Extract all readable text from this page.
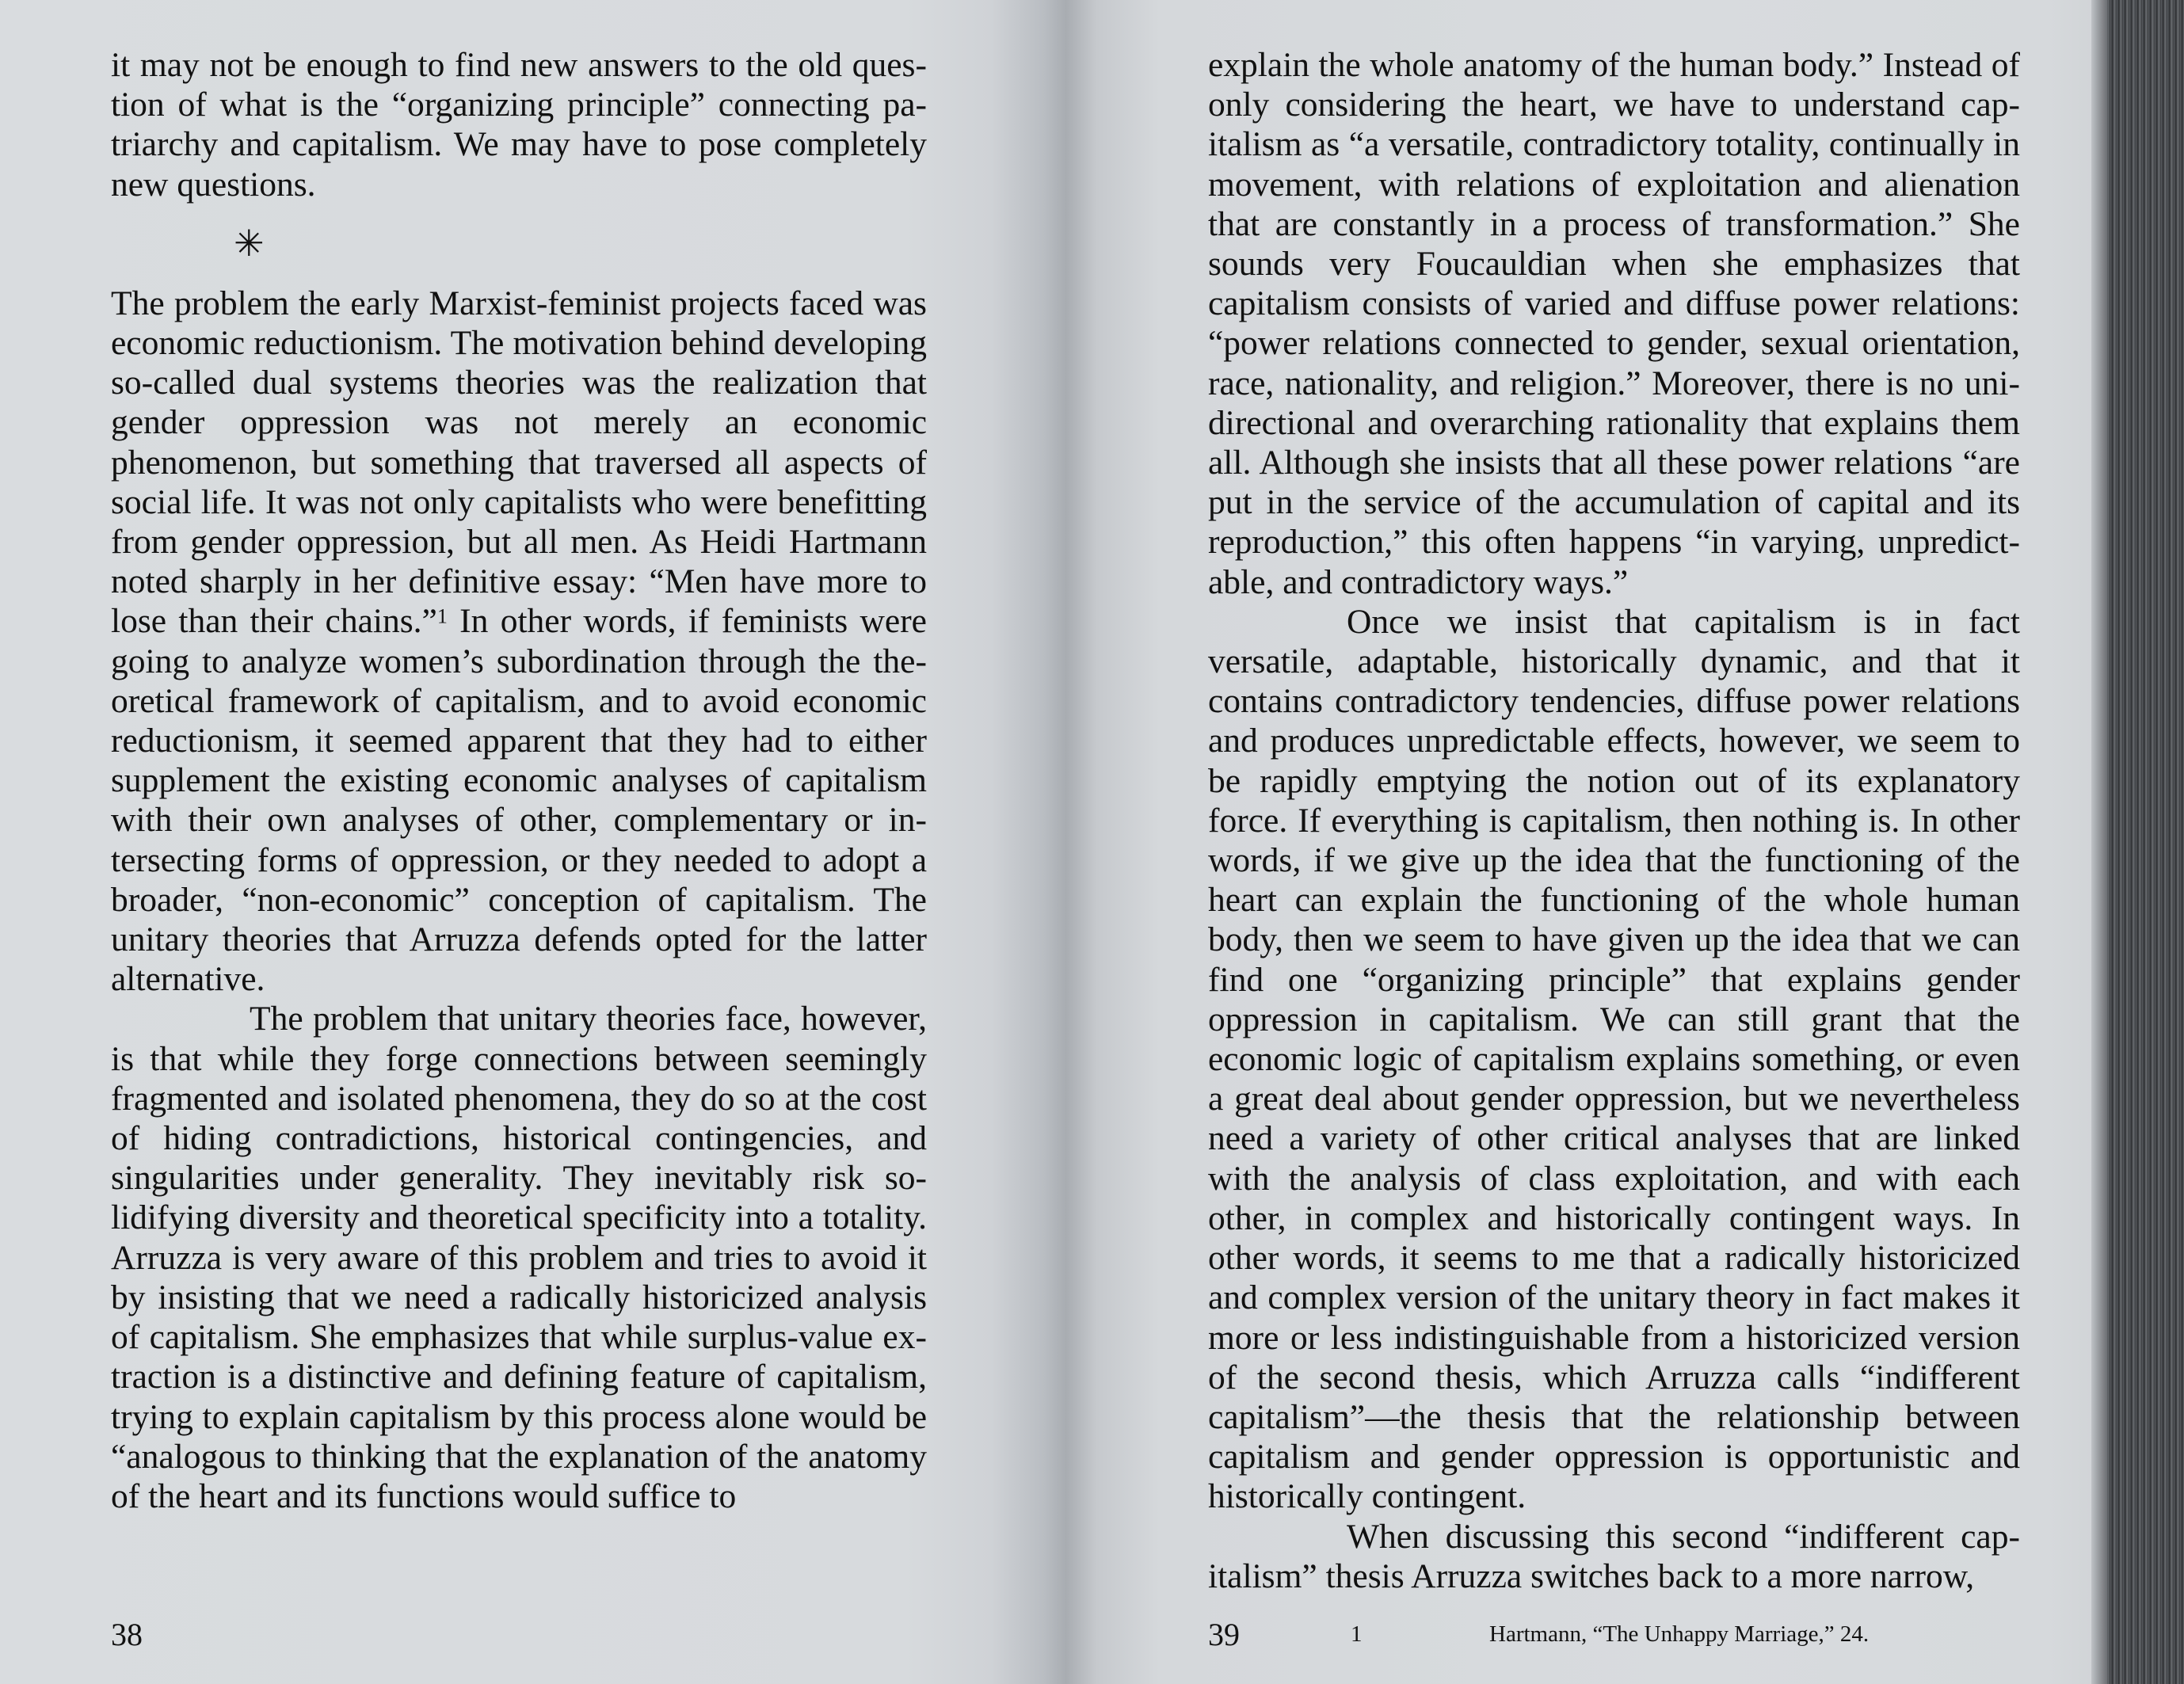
it may not be enough to find new answers to the old question of what is the “organizing principle” connecting patriarchy and capitalism. We may have to pose completely new questions.

✳

The problem the early Marxist-feminist projects faced was economic reductionism. The motivation behind developing so-called dual systems theories was the realization that gender oppression was not merely an economic phenomenon, but something that traversed all aspects of social life. It was not only capitalists who were benefitting from gender oppression, but all men. As Heidi Hartmann noted sharply in her definitive essay: “Men have more to lose than their chains.”$^1$ In other words, if feminists were going to analyze women’s subordination through the theoretical framework of capitalism, and to avoid economic reductionism, it seemed apparent that they had to either supplement the existing economic analyses of capitalism with their own analyses of other, complementary or intersecting forms of oppression, or they needed to adopt a broader, “non-economic” conception of capitalism. The unitary theories that Arruzza defends opted for the latter alternative.

The problem that unitary theories face, however, is that while they forge connections between seemingly fragmented and isolated phenomena, they do so at the cost of hiding contradictions, historical contingencies, and singularities under generality. They inevitably risk solidifying diversity and theoretical specificity into a totality. Arruzza is very aware of this problem and tries to avoid it by insisting that we need a radically historicized analysis of capitalism. She emphasizes that while surplus-value extraction is a distinctive and defining feature of capitalism, trying to explain capitalism by this process alone would be “analogous to thinking that the explanation of the anatomy of the heart and its functions would suffice to

38

explain the whole anatomy of the human body.” Instead of only considering the heart, we have to understand capitalism as “a versatile, contradictory totality, continually in movement, with relations of exploitation and alienation that are constantly in a process of transformation.” She sounds very Foucauldian when she emphasizes that capitalism consists of varied and diffuse power relations: “power relations connected to gender, sexual orientation, race, nationality, and religion.” Moreover, there is no unidirectional and overarching rationality that explains them all. Although she insists that all these power relations “are put in the service of the accumulation of capital and its reproduction,” this often happens “in varying, unpredictable, and contradictory ways.”

Once we insist that capitalism is in fact versatile, adaptable, historically dynamic, and that it contains contradictory tendencies, diffuse power relations and produces unpredictable effects, however, we seem to be rapidly emptying the notion out of its explanatory force. If everything is capitalism, then nothing is. In other words, if we give up the idea that the functioning of the heart can explain the functioning of the whole human body, then we seem to have given up the idea that we can find one “organizing principle” that explains gender oppression in capitalism. We can still grant that the economic logic of capitalism explains something, or even a great deal about gender oppression, but we nevertheless need a variety of other critical analyses that are linked with the analysis of class exploitation, and with each other, in complex and historically contingent ways. In other words, it seems to me that a radically historicized and complex version of the unitary theory in fact makes it more or less indistinguishable from a historicized version of the second thesis, which Arruzza calls “indifferent capitalism”—the thesis that the relationship between capitalism and gender oppression is opportunistic and historically contingent.

When discussing this second “indifferent capitalism” thesis Arruzza switches back to a more narrow,

39	1	Hartmann, “The Unhappy Marriage,” 24.
